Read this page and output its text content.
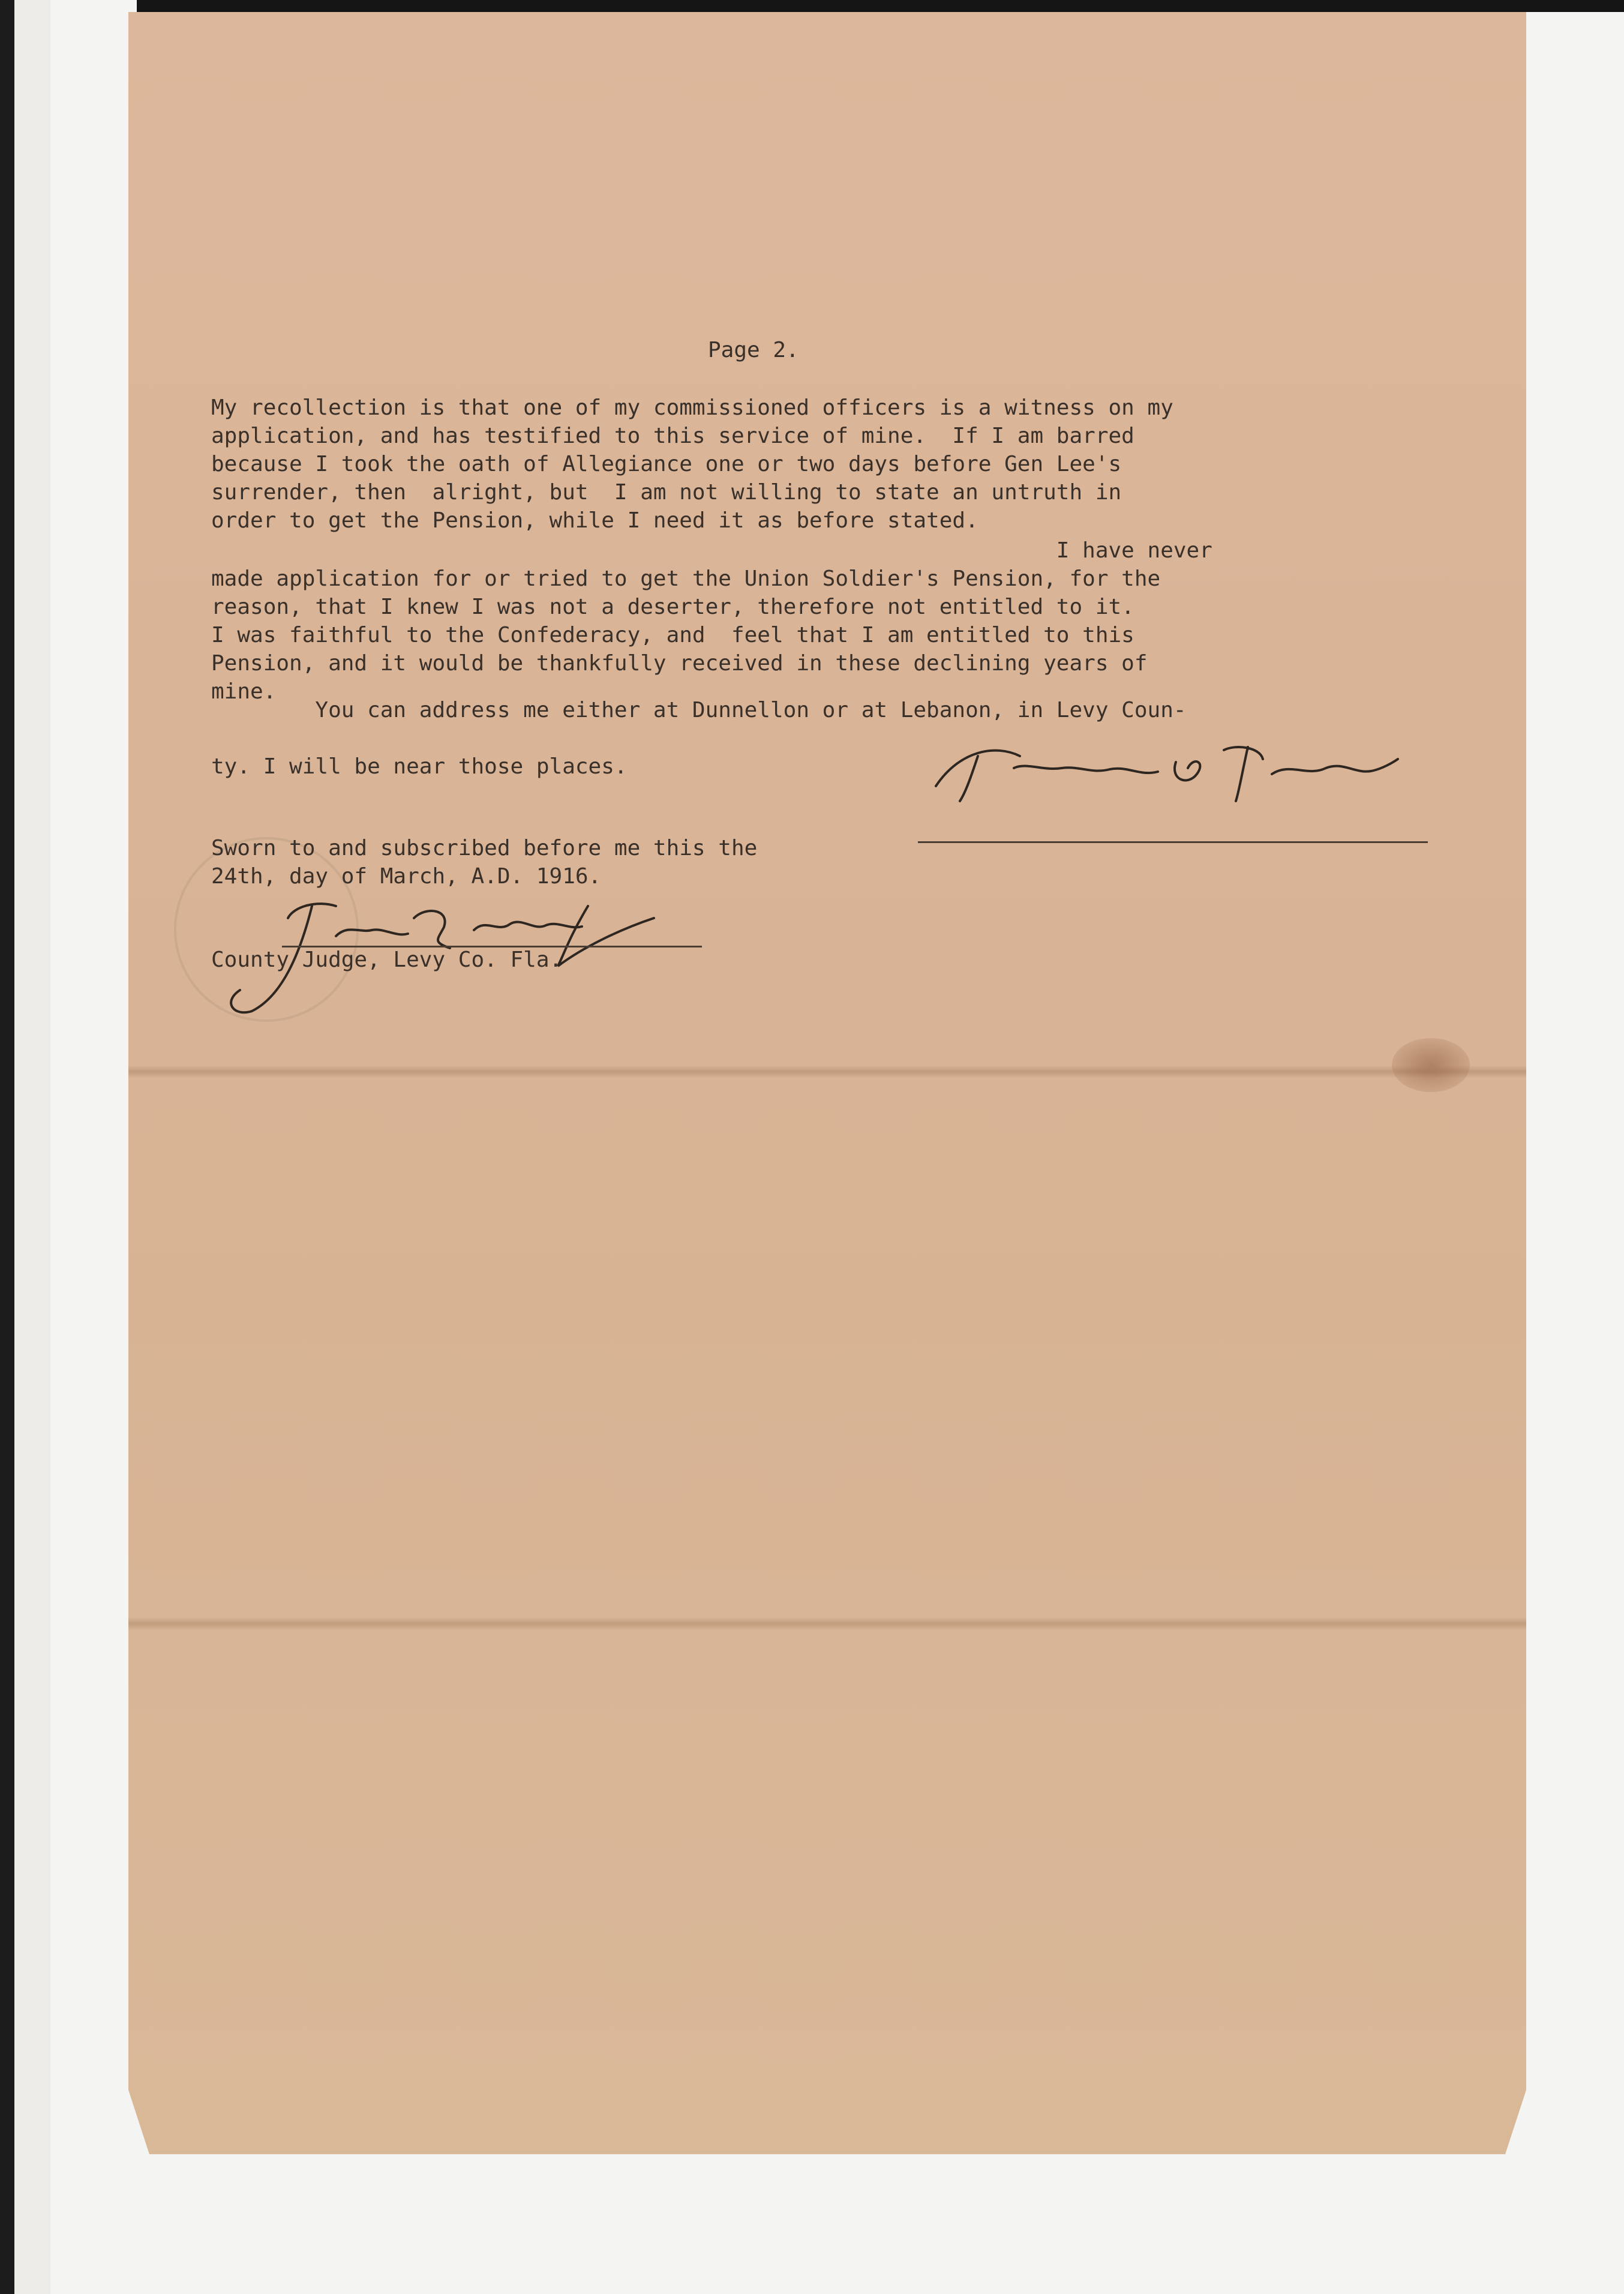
Page 2.
My recollection is that one of my commissioned officers is a witness on my
application, and has testified to this service of mine.  If I am barred
because I took the oath of Allegiance one or two days before Gen Lee's
surrender, then  alright, but  I am not willing to state an untruth in
order to get the Pension, while I need it as before stated.
I have never
made application for or tried to get the Union Soldier's Pension, for the
reason, that I knew I was not a deserter, therefore not entitled to it.
I was faithful to the Confederacy, and  feel that I am entitled to this
Pension, and it would be thankfully received in these declining years of
mine.
You can address me either at Dunnellon or at Lebanon, in Levy Coun-

ty. I will be near those places.
Sworn to and subscribed before me this the
24th, day of March, A.D. 1916.
County Judge, Levy Co. Fla.
